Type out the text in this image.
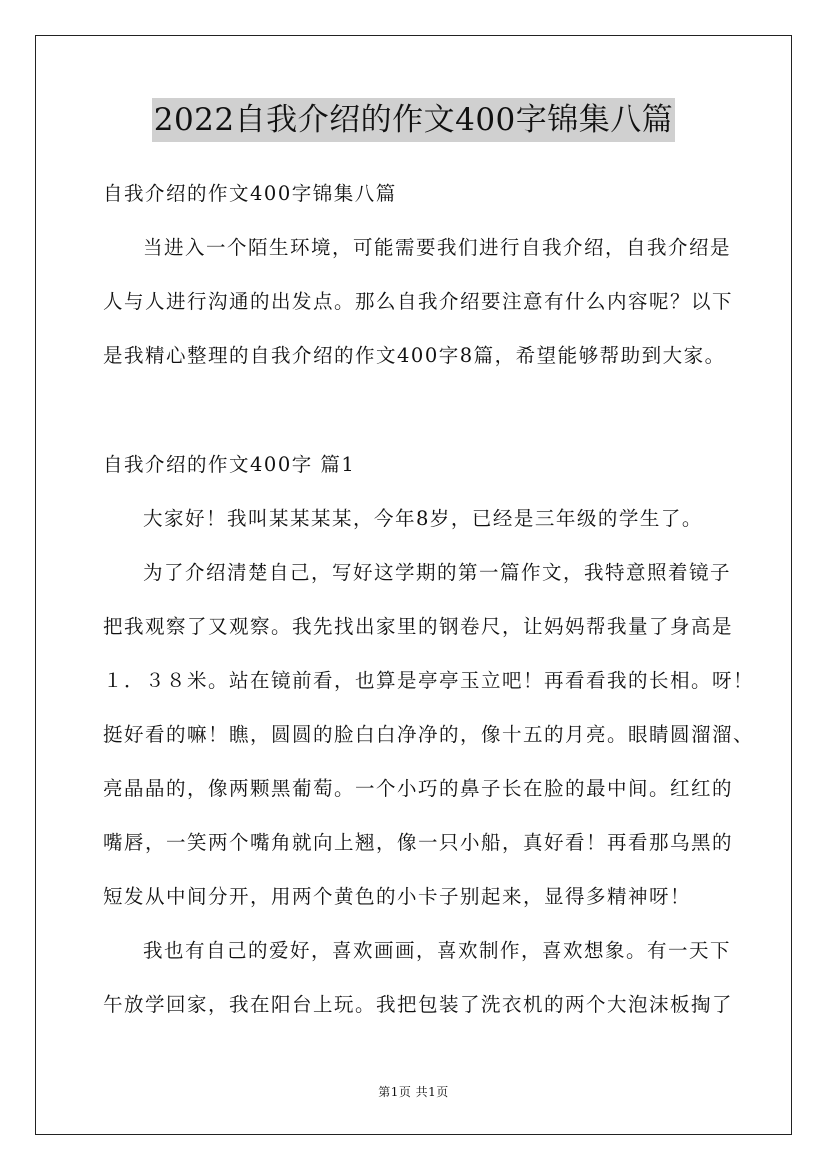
2022自我介绍的作文400字锦集八篇
自我介绍的作文400字锦集八篇
当进入一个陌生环境，可能需要我们进行自我介绍，自我介绍是
人与人进行沟通的出发点。那么自我介绍要注意有什么内容呢？以下
是我精心整理的自我介绍的作文400字8篇，希望能够帮助到大家。
自我介绍的作文400字 篇1
大家好！我叫某某某某，今年8岁，已经是三年级的学生了。
为了介绍清楚自己，写好这学期的第一篇作文，我特意照着镜子
把我观察了又观察。我先找出家里的钢卷尺，让妈妈帮我量了身高是
１．３８米。站在镜前看，也算是亭亭玉立吧！再看看我的长相。呀！
挺好看的嘛！瞧，圆圆的脸白白净净的，像十五的月亮。眼睛圆溜溜、
亮晶晶的，像两颗黑葡萄。一个小巧的鼻子长在脸的最中间。红红的
嘴唇，一笑两个嘴角就向上翘，像一只小船，真好看！再看那乌黑的
短发从中间分开，用两个黄色的小卡子别起来，显得多精神呀！
我也有自己的爱好，喜欢画画，喜欢制作，喜欢想象。有一天下
午放学回家，我在阳台上玩。我把包装了洗衣机的两个大泡沫板掏了
第1页 共1页
